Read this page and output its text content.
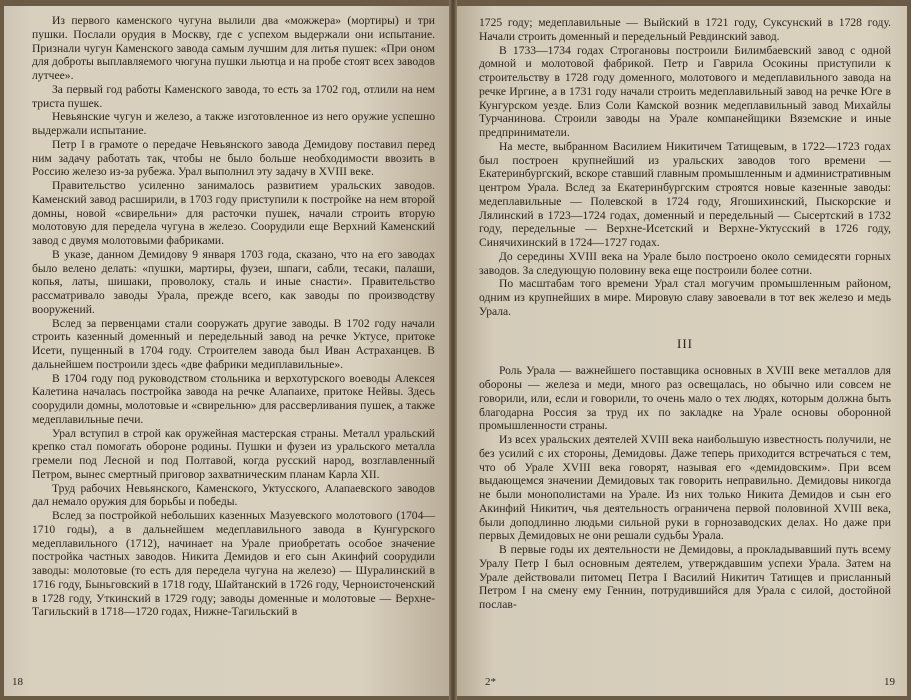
Из первого каменского чугуна вылили два «можжера» (мортиры) и три пушки. Послали орудия в Москву, где с успехом выдержали они испытание. Признали чугун Каменского завода самым лучшим для литья пушек: «При оном для доброты выплавляемого чюгуна пушки льютца и на пробе стоят всех заводов лутчее».

За первый год работы Каменского завода, то есть за 1702 год, отлили на нем триста пушек.

Невьянские чугун и железо, а также изготовленное из него оружие успешно выдержали испытание.

Петр I в грамоте о передаче Невьянского завода Демидову поставил перед ним задачу работать так, чтобы не было больше необходимости ввозить в Россию железо из-за рубежа. Урал выполнил эту задачу в XVIII веке.

Правительство усиленно занималось развитием уральских заводов. Каменский завод расширили, в 1703 году приступили к постройке на нем второй домны, новой «свирельни» для расточки пушек, начали строить вторую молотовую для передела чугуна в железо. Соорудили еще Верхний Каменский завод с двумя молотовыми фабриками.

В указе, данном Демидову 9 января 1703 года, сказано, что на его заводах было велено делать: «пушки, мартиры, фузеи, шпаги, сабли, тесаки, палаши, копья, латы, шишаки, проволоку, сталь и иные снасти». Правительство рассматривало заводы Урала, прежде всего, как заводы по производству вооружений.

Вслед за первенцами стали сооружать другие заводы. В 1702 году начали строить казенный доменный и передельный завод на речке Уктусе, притоке Исети, пущенный в 1704 году. Строителем завода был Иван Астраханцев. В дальнейшем построили здесь «две фабрики медиплавильные».

В 1704 году под руководством стольника и верхотурского воеводы Алексея Калетина началась постройка завода на речке Алапаихе, притоке Нейвы. Здесь соорудили домны, молотовые и «свирельню» для рассверливания пушек, а также медеплавильные печи.

Урал вступил в строй как оружейная мастерская страны. Металл уральский крепко стал помогать обороне родины. Пушки и фузеи из уральского металла гремели под Лесной и под Полтавой, когда русский народ, возглавленный Петром, вынес смертный приговор захватническим планам Карла XII.

Труд рабочих Невьянского, Каменского, Уктусского, Алапаевского заводов дал немало оружия для борьбы и победы.

Вслед за постройкой небольших казенных Мазуевского молотового (1704—1710 годы), а в дальнейшем медеплавильного завода в Кунгурского медеплавильного (1712), начинает на Урале приобретать особое значение постройка частных заводов. Никита Демидов и его сын Акинфий соорудили заводы: молотовые (то есть для передела чугуна на железо) — Шуралинский в 1716 году, Быньговский в 1718 году, Шайтанский в 1726 году, Черноисточенский в 1728 году, Уткинский в 1729 году; заводы доменные и молотовые — Верхне-Тагильский в 1718—1720 годах, Нижне-Тагильский в

18

1725 году; медеплавильные — Выйский в 1721 году, Суксунский в 1728 году. Начали строить доменный и передельный Ревдинский завод.

В 1733—1734 годах Строгановы построили Билимбаевский завод с одной домной и молотовой фабрикой. Петр и Гаврила Осокины приступили к строительству в 1728 году доменного, молотового и медеплавильного завода на речке Иргине, а в 1731 году начали строить медеплавильный завод на речке Юге в Кунгурском уезде. Близ Соли Камской возник медеплавильный завод Михайлы Турчанинова. Строили заводы на Урале компанейщики Вяземские и иные предприниматели.

На месте, выбранном Василием Никитичем Татищевым, в 1722—1723 годах был построен крупнейший из уральских заводов того времени — Екатеринбургский, вскоре ставший главным промышленным и административным центром Урала. Вслед за Екатеринбургским строятся новые казенные заводы: медеплавильные — Полевской в 1724 году, Ягошихинский, Пыскорские и Лялинский в 1723—1724 годах, доменный и передельный — Сысертский в 1732 году, передельные — Верхне-Исетский и Верхне-Уктусский в 1726 году, Синячихинский в 1724—1727 годах.

До середины XVIII века на Урале было построено около семидесяти горных заводов. За следующую половину века еще построили более сотни.

По масштабам того времени Урал стал могучим промышленным районом, одним из крупнейших в мире. Мировую славу завоевали в тот век железо и медь Урала.

III

Роль Урала — важнейшего поставщика основных в XVIII веке металлов для обороны — железа и меди, много раз освещалась, но обычно или совсем не говорили, или, если и говорили, то очень мало о тех людях, которым должна быть благодарна Россия за труд их по закладке на Урале основы оборонной промышленности страны.

Из всех уральских деятелей XVIII века наибольшую известность получили, не без усилий с их стороны, Демидовы. Даже теперь приходится встречаться с тем, что об Урале XVIII века говорят, называя его «демидовским». При всем выдающемся значении Демидовых так говорить неправильно. Демидовы никогда не были монополистами на Урале. Из них только Никита Демидов и сын его Акинфий Никитич, чья деятельность ограничена первой половиной XVIII века, были доподлинно людьми сильной руки в горнозаводских делах. Но даже при первых Демидовых не они решали судьбы Урала.

В первые годы их деятельности не Демидовы, а прокладывавший путь всему Уралу Петр I был основным деятелем, утверждавшим успехи Урала. Затем на Урале действовали питомец Петра I Василий Никитич Татищев и присланный Петром I на смену ему Геннин, потрудившийся для Урала с силой, достойной послав-

2*	19
